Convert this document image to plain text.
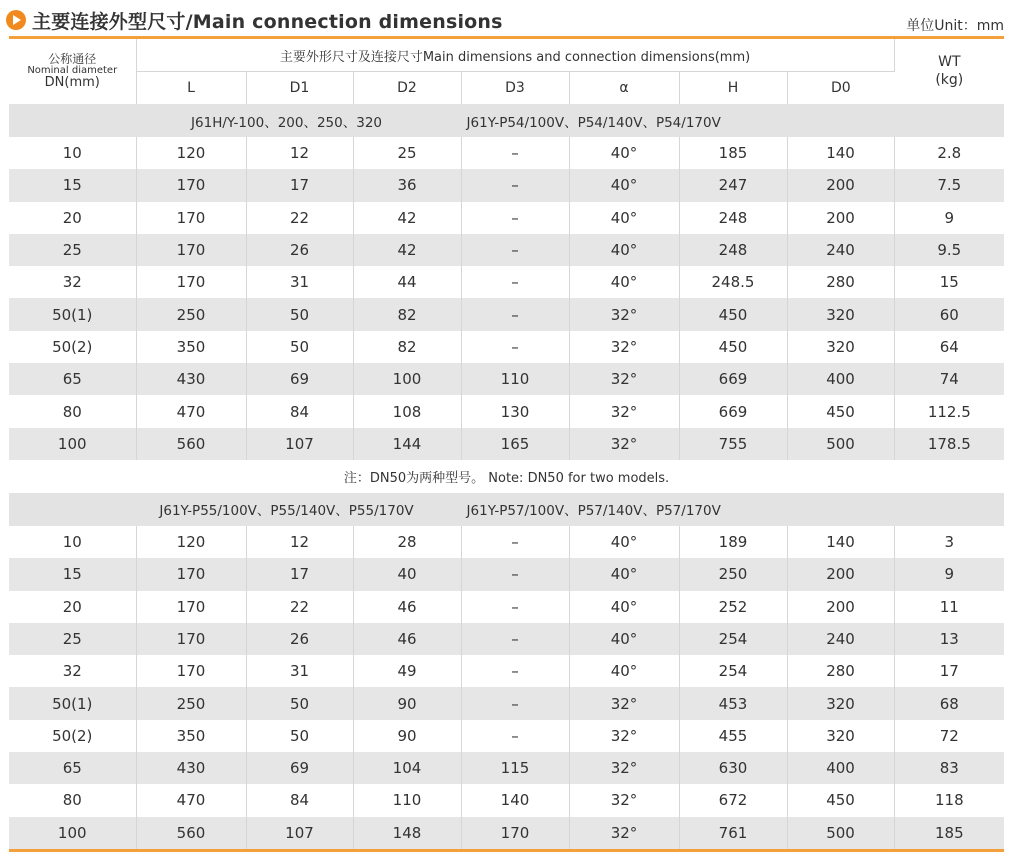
主要连接外型尺寸/Main connection dimensions	单位Unit：mm
公称通径
Nominal diameter
DN(mm)	主要外形尺寸及连接尺寸Main dimensions and connection dimensions(mm)							WT
(kg)
	L	D1	D2	D3	α	H	D0	
J61H/Y-100、200、250、320 J61Y-P54/100V、P54/140V、P54/170V								
10	120	12	25	–	40°	185	140	2.8
15	170	17	36	–	40°	247	200	7.5
20	170	22	42	–	40°	248	200	9
25	170	26	42	–	40°	248	240	9.5
32	170	31	44	–	40°	248.5	280	15
50(1)	250	50	82	–	32°	450	320	60
50(2)	350	50	82	–	32°	450	320	64
65	430	69	100	110	32°	669	400	74
80	470	84	108	130	32°	669	450	112.5
100	560	107	144	165	32°	755	500	178.5
注：DN50为两种型号。 Note: DN50 for two models.								
J61Y-P55/100V、P55/140V、P55/170V J61Y-P57/100V、P57/140V、P57/170V								
10	120	12	28	–	40°	189	140	3
15	170	17	40	–	40°	250	200	9
20	170	22	46	–	40°	252	200	11
25	170	26	46	–	40°	254	240	13
32	170	31	49	–	40°	254	280	17
50(1)	250	50	90	–	32°	453	320	68
50(2)	350	50	90	–	32°	455	320	72
65	430	69	104	115	32°	630	400	83
80	470	84	110	140	32°	672	450	118
100	560	107	148	170	32°	761	500	185
